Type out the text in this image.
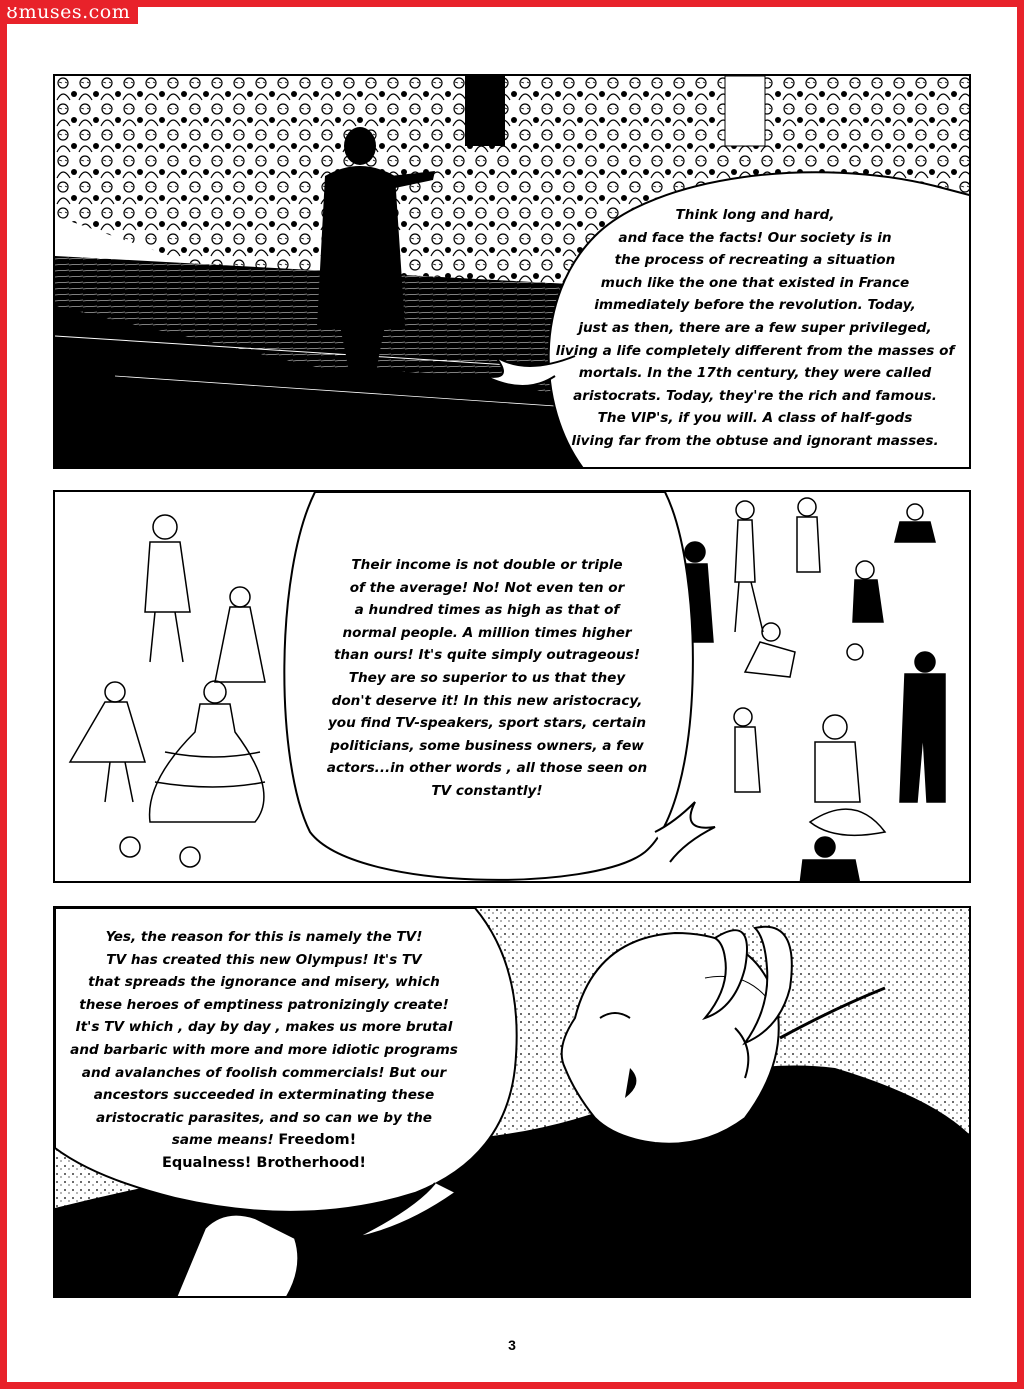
8muses.com

Think long and hard,
and face the facts! Our society is in
the process of recreating a situation
much like the one that existed in France
immediately before the revolution. Today,
just as then, there are a few super privileged,
living a life completely different from the masses of
mortals. In the 17th century, they were called
aristocrats. Today, they're the rich and famous.
The VIP's, if you will. A class of half-gods
living far from the obtuse and ignorant masses.

Their income is not double or triple
of the average! No! Not even ten or
a hundred times as high as that of
normal people. A million times higher
than ours! It's quite simply outrageous!
They are so superior to us that they
don't deserve it! In this new aristocracy,
you find TV-speakers, sport stars, certain
politicians, some business owners, a few
actors...in other words , all those seen on
TV constantly!

Yes, the reason for this is namely the TV!
TV has created this new Olympus! It's TV
that spreads the ignorance and misery, which
these heroes of emptiness patronizingly create!
It's TV which , day by day , makes us more brutal
and barbaric with more and more idiotic programs
and avalanches of foolish commercials! But our
ancestors succeeded in exterminating these
aristocratic parasites, and so can we by the
same means! Freedom!
Equalness! Brotherhood!

3
